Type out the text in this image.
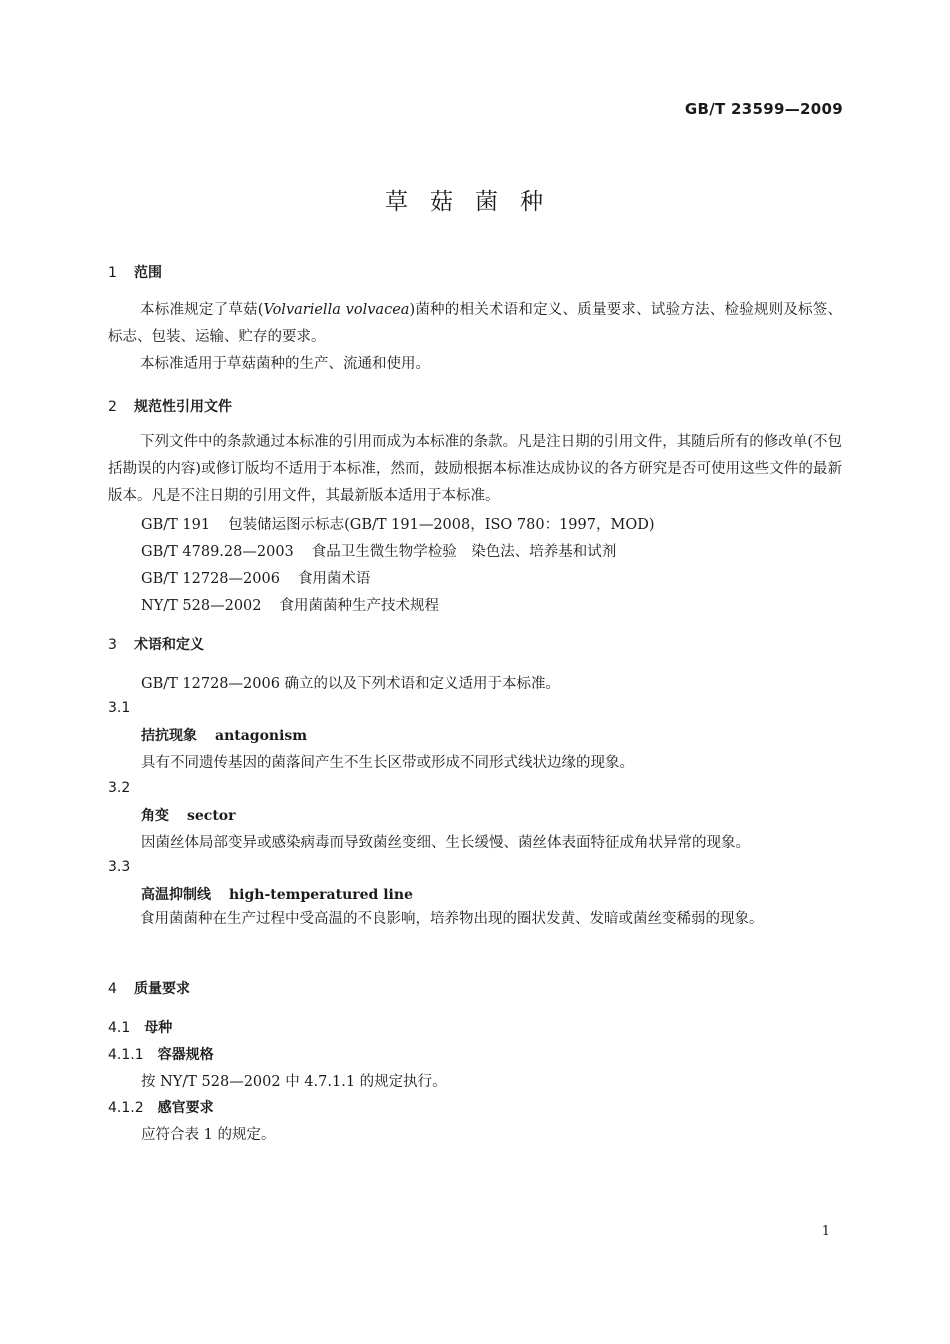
GB/T 23599—2009
草菇菌种
1 范围
本标准规定了草菇(Volvariella volvacea)菌种的相关术语和定义、质量要求、试验方法、检验规则及标签、标志、包装、运输、贮存的要求。
本标准适用于草菇菌种的生产、流通和使用。
2 规范性引用文件
下列文件中的条款通过本标准的引用而成为本标准的条款。凡是注日期的引用文件，其随后所有的修改单(不包括勘误的内容)或修订版均不适用于本标准，然而，鼓励根据本标准达成协议的各方研究是否可使用这些文件的最新版本。凡是不注日期的引用文件，其最新版本适用于本标准。
GB/T 191 包装储运图示标志(GB/T 191—2008，ISO 780：1997，MOD)
GB/T 4789.28—2003 食品卫生微生物学检验　染色法、培养基和试剂
GB/T 12728—2006 食用菌术语
NY/T 528—2002 食用菌菌种生产技术规程
3 术语和定义
GB/T 12728—2006 确立的以及下列术语和定义适用于本标准。
3.1
拮抗现象 antagonism
具有不同遗传基因的菌落间产生不生长区带或形成不同形式线状边缘的现象。
3.2
角变 sector
因菌丝体局部变异或感染病毒而导致菌丝变细、生长缓慢、菌丝体表面特征成角状异常的现象。
3.3
高温抑制线 high-temperatured line
食用菌菌种在生产过程中受高温的不良影响，培养物出现的圈状发黄、发暗或菌丝变稀弱的现象。
4 质量要求
4.1 母种
4.1.1 容器规格
按 NY/T 528—2002 中 4.7.1.1 的规定执行。
4.1.2 感官要求
应符合表 1 的规定。
1
